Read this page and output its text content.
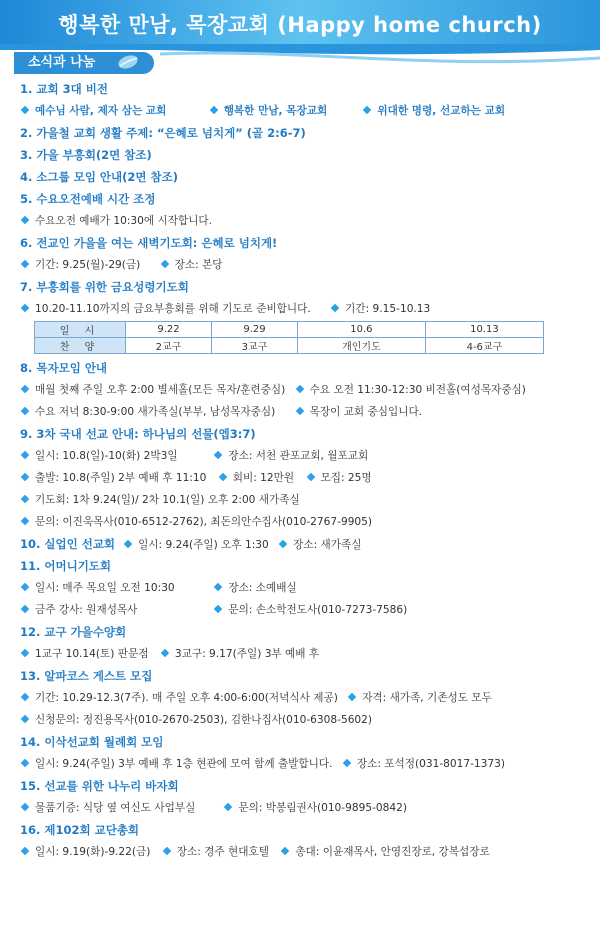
행복한 만남, 목장교회 (Happy home church)
소식과 나눔
1. 교회 3대 비전
예수님 사람, 제자 삼는 교회	행복한 만남, 목장교회	위대한 명령, 선교하는 교회
2. 가을철 교회 생활 주제: “은혜로 넘치게” (골 2:6-7)
3. 가을 부흥회(2면 참조)
4. 소그룹 모임 안내(2면 참조)
5. 수요오전예배 시간 조정
수요오전 예배가 10:30에 시작합니다.
6. 전교인 가을을 여는 새벽기도회: 은혜로 넘치게!
기간: 9.25(월)-29(금)	장소: 본당
7. 부흥회를 위한 금요성령기도회
10.20-11.10까지의 금요부흥회를 위해 기도로 준비합니다.	기간: 9.15-10.13
일 시	9.22	9.29	10.6	10.13
찬 양	2교구	3교구	개인기도	4-6교구
8. 목자모임 안내
매월 첫째 주일 오후 2:00 별세홀(모든 목자/훈련중심) 수요 오전 11:30-12:30 비전홀(여성목자중심)
수요 저녁 8:30-9:00 새가족실(부부, 남성목자중심)	목장이 교회 중심입니다.
9. 3차 국내 선교 안내: 하나님의 선물(엡3:7)
일시: 10.8(일)-10(화) 2박3일	장소: 서천 관포교회, 월포교회
출발: 10.8(주일) 2부 예배 후 11:10 회비: 12만원 모집: 25명
기도회: 1차 9.24(일)/ 2차 10.1(일) 오후 2:00 새가족실
문의: 이진욱목사(010-6512-2762), 최돈의안수집사(010-2767-9905)
10. 실업인 선교회 일시: 9.24(주일) 오후 1:30 장소: 새가족실
11. 어머니기도회
일시: 매주 목요일 오전 10:30	장소: 소예배실
금주 강사: 원재성목사	문의: 손소학전도사(010-7273-7586)
12. 교구 가을수양회
1교구 10.14(토) 판문점 3교구: 9.17(주일) 3부 예배 후
13. 알파코스 게스트 모집
기간: 10.29-12.3(7주). 매 주일 오후 4:00-6:00(저녁식사 제공) 자격: 새가족, 기존성도 모두
신청문의: 정진용목사(010-2670-2503), 김한나집사(010-6308-5602)
14. 이삭선교회 월례회 모임
일시: 9.24(주일) 3부 예배 후 1층 현관에 모여 함께 출발합니다. 장소: 포석정(031-8017-1373)
15. 선교를 위한 나누리 바자회
물품기증: 식당 옆 여신도 사업부실	문의: 박봉림권사(010-9895-0842)
16. 제102회 교단총회
일시: 9.19(화)-9.22(금) 장소: 경주 현대호텔 총대: 이윤재목사, 안영진장로, 강복섭장로
